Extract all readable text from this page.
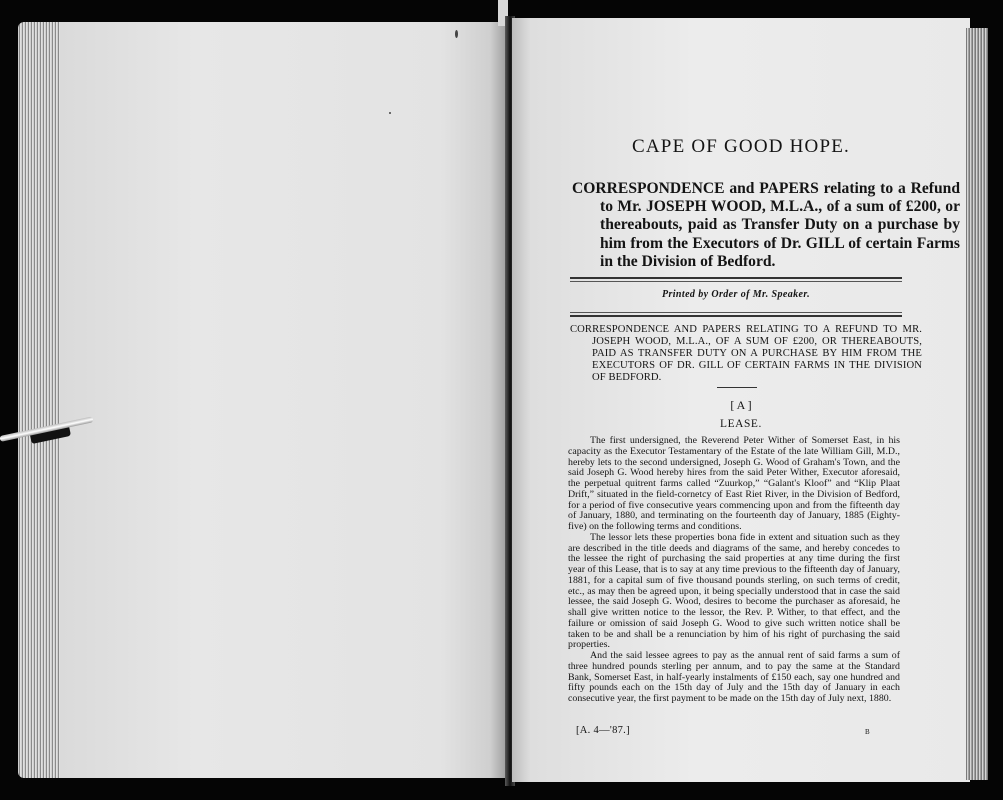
CAPE OF GOOD HOPE.
CORRESPONDENCE and PAPERS relating to a Refund to Mr. JOSEPH WOOD, M.L.A., of a sum of £200, or thereabouts, paid as Transfer Duty on a purchase by him from the Executors of Dr. GILL of certain Farms in the Division of Bedford.
Printed by Order of Mr. Speaker.
CORRESPONDENCE AND PAPERS RELATING TO A REFUND TO MR. JOSEPH WOOD, M.L.A., OF A SUM OF £200, OR THEREABOUTS, PAID AS TRANSFER DUTY ON A PURCHASE BY HIM FROM THE EXECUTORS OF DR. GILL OF CERTAIN FARMS IN THE DIVISION OF BEDFORD.
[ A ]
LEASE.

The first undersigned, the Reverend Peter Wither of Somerset East, in his capacity as the Executor Testamentary of the Estate of the late William Gill, M.D., hereby lets to the second undersigned, Joseph G. Wood of Graham's Town, and the said Joseph G. Wood hereby hires from the said Peter Wither, Executor aforesaid, the perpetual quitrent farms called “Zuurkop,” “Galant's Kloof” and “Klip Plaat Drift,” situated in the field-cornetcy of East Riet River, in the Division of Bedford, for a period of five consecutive years commencing upon and from the fifteenth day of January, 1880, and terminating on the fourteenth day of January, 1885 (Eighty-five) on the following terms and conditions.

The lessor lets these properties bona fide in extent and situation such as they are described in the title deeds and diagrams of the same, and hereby concedes to the lessee the right of purchasing the said properties at any time during the first year of this Lease, that is to say at any time previous to the fifteenth day of January, 1881, for a capital sum of five thousand pounds sterling, on such terms of credit, etc., as may then be agreed upon, it being specially understood that in case the said lessee, the said Joseph G. Wood, desires to become the purchaser as aforesaid, he shall give written notice to the lessor, the Rev. P. Wither, to that effect, and the failure or omission of said Joseph G. Wood to give such written notice shall be taken to be and shall be a renunciation by him of his right of purchasing the said properties.

And the said lessee agrees to pay as the annual rent of said farms a sum of three hundred pounds sterling per annum, and to pay the same at the Standard Bank, Somerset East, in half-yearly instalments of £150 each, say one hundred and fifty pounds each on the 15th day of July and the 15th day of January in each consecutive year, the first payment to be made on the 15th day of July next, 1880.

[A. 4—'87.]	B
